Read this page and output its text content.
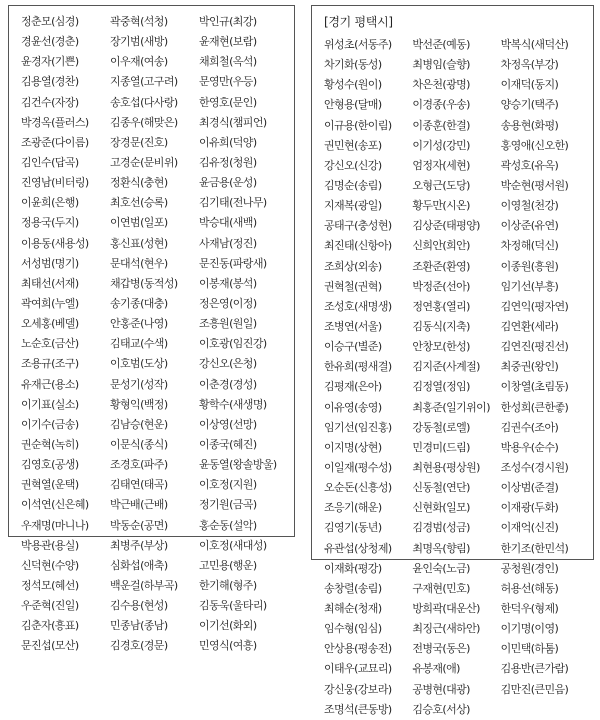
정춘모(심경)	곽중혁(석청)	박인규(최강)
경윤선(경춘)	장기범(새방)	윤재현(보람)
윤경자(기쁜)	이우재(여송)	채희철(옥석)
김용열(경찬)	지종열(고구려)	문영만(우등)
김건수(자장)	송호섭(다사랑)	한영호(문인)
박경옥(플러스)	김종우(해맞은)	최경식(챔피언)
조광준(다이름)	장경문(진호)	이유희(덕양)
김인수(답곡)	고경순(문비위)	김유정(청원)
진영남(비터링)	정환식(충현)	윤금용(운성)
이윤희(은행)	최호선(승록)	김기태(전나무)
정용국(두지)	이연범(일포)	박승대(새백)
이용동(새용성)	홍신표(성현)	사재남(정진)
서성범(명기)	문대석(현우)	문진동(파랑새)
최태선(서재)	채갑병(동적성)	이봉재(봉석)
곽여희(누엘)	송기종(대충)	정은영(이정)
오세홍(베델)	안홍준(나영)	조흥원(원일)
노순호(금산)	김태교(수색)	이호광(임진강)
조용규(조구)	이호범(도상)	강신오(은청)
유재근(용소)	문성기(성작)	이춘경(경성)
이기표(실소)	황형익(백정)	황학수(새생명)
이기수(금송)	김남승(현운)	이상영(선망)
권순혁(녹히)	이문식(종식)	이종국(혜진)
김영호(공생)	조경호(파주)	윤동열(왕솔방울)
권혁열(운택)	김태연(태곡)	이호정(지원)
이석연(신은혜)	박근배(근배)	정기원(금곡)
우재명(마니나)	박동순(공면)	홍순동(설악)
박용관(용실)	최병주(부상)	이호정(새대성)
신덕현(수양)	심화섭(애축)	고민용(행운)
정석모(혜선)	백운걸(하부곡)	한기해(형주)
우준혁(진일)	김수용(현성)	김동욱(울타리)
김춘자(흥표)	민종남(종남)	이기선(화외)
문진섭(모산)	김경호(경문)	민영식(여흥)
[경기 평택시]
위성초(서동주)	박선준(예동)	박복식(새덕산)
차기화(동성)	최병임(슬향)	차정옥(부강)
황성수(원이)	차은천(광명)	이재덕(동지)
안형용(달매)	이경종(우송)	양승기(택주)
이규용(한이림)	이종훈(한결)	송용현(화평)
권민현(송포)	이기성(강민)	홍영애(신오한)
강신오(신강)	엄정자(세현)	곽성호(유옥)
김명순(송림)	오형근(도당)	박순현(평서원)
지재복(광일)	황두만(시온)	이영철(천강)
공태구(충성현)	김상준(태평양)	이상준(유연)
최진태(신항아)	신희안(희안)	차정해(덕신)
조희상(외송)	조환준(환영)	이종원(흥원)
권혁철(권혁)	박정준(선아)	임기선(부흥)
조성호(새명생)	정연홍(열리)	김연익(평자연)
조병연(서울)	김동식(지축)	김연환(세라)
이승구(별준)	안창모(한성)	김연진(평진선)
한유희(평새결)	김지준(사계절)	최중권(왕인)
김평재(은아)	김정열(정임)	이창열(초림동)
이유영(송영)	최홍준(일기위이) 한성희(큰한좋)
임기선(임진홍)	강동철(로엘)	김권수(조아)
이지명(상현)	민경미(드림)	박용우(순수)
이일재(평수성)	최현용(평상원)	조성수(경시원)
오순돈(신흥성)	신동철(연단)	이상범(준결)
조응기(해운)	신현화(일모)	이재광(두화)
김영기(동년)	김경범(성금)	이재억(신진)
유관섭(상청제)	최명옥(향림)	한기조(한민석)
이재화(평강)	윤인숙(노금)	공청원(경인)
송창렬(송림)	구재현(민호)	허용선(해동)
최해순(청재)	방희곽(대운산)	한덕우(형제)
임수형(임심)	최징근(새하안)	이기명(이영)
안상용(평송전)	전병국(동은)	이민택(하툼)
이태우(교묘리)	유봉재(애)	김용반(큰가람)
강신웅(강보라)	공병현(대광)	김만진(큰민음)
조명석(큰동방)	김승호(서상)
